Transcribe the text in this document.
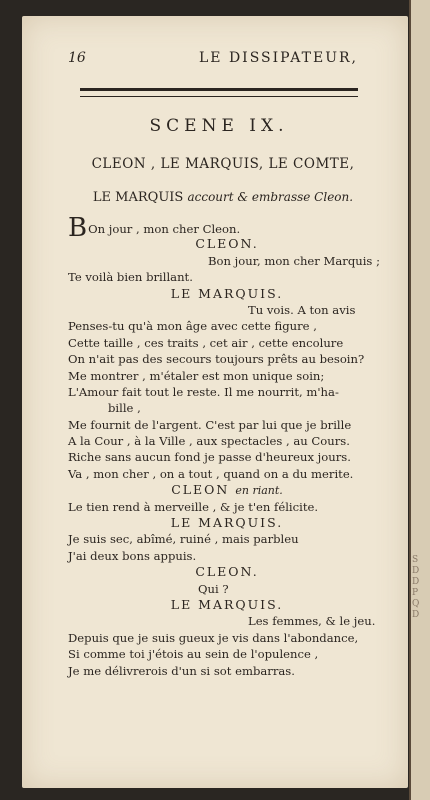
S
D
D
P
Q
D
16	LE DISSIPATEUR,
SCENE IX.
CLEON , LE MARQUIS, LE COMTE,
LE MARQUIS accourt & embrasse Cleon.
BOn jour , mon cher Cleon.
CLEON.
Bon jour, mon cher Marquis ;
Te voilà bien brillant.
LE MARQUIS.
Tu vois. A ton avis
Penses-tu qu'à mon âge avec cette figure ,
Cette taille , ces traits , cet air , cette encolure
On n'ait pas des secours toujours prêts au besoin?
Me montrer , m'étaler est mon unique soin;
L'Amour fait tout le reste. Il me nourrit, m'ha-
bille ,
Me fournit de l'argent. C'est par lui que je brille
A la Cour , à la Ville , aux spectacles , au Cours.
Riche sans aucun fond je passe d'heureux jours.
Va , mon cher , on a tout , quand on a du merite.
CLEON en riant.
Le tien rend à merveille , & je t'en félicite.
LE MARQUIS.
Je suis sec, abîmé, ruiné , mais parbleu
J'ai deux bons appuis.
CLEON.
Qui ?
LE MARQUIS.
Les femmes, & le jeu.
Depuis que je suis gueux je vis dans l'abondance,
Si comme toi j'étois au sein de l'opulence ,
Je me délivrerois d'un si sot embarras.
